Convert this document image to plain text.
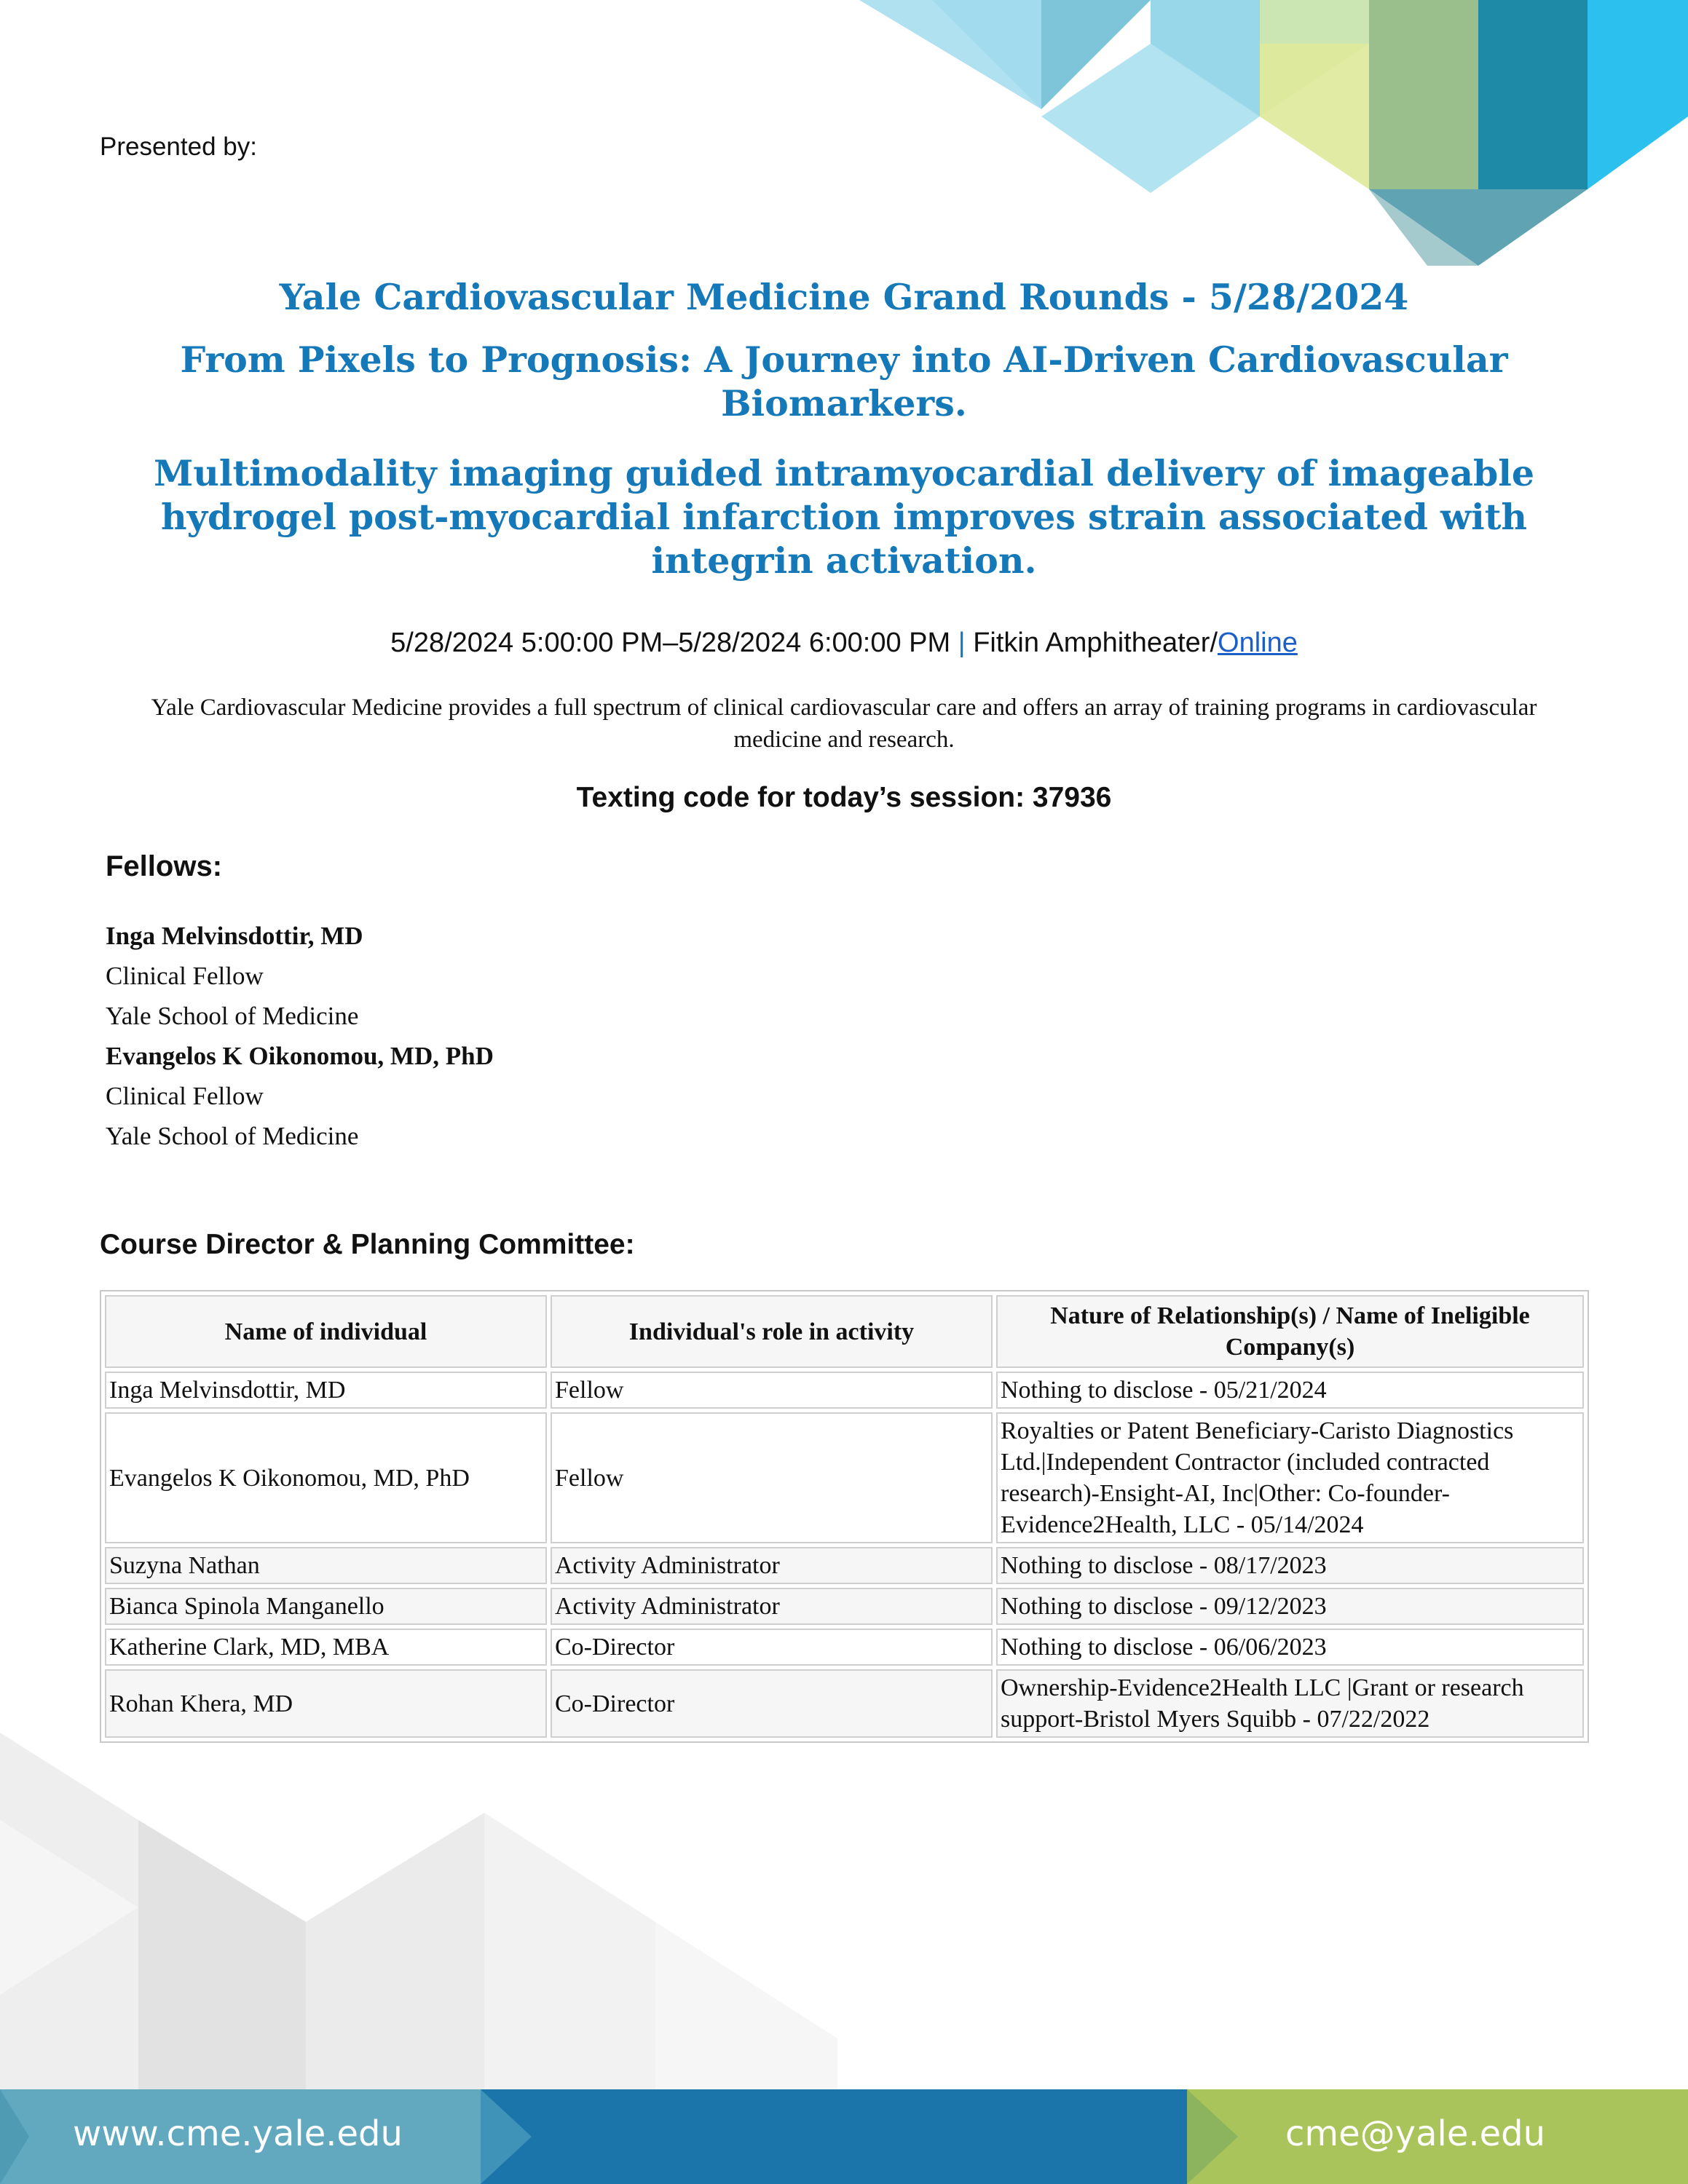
Presented by:

Yale Cardiovascular Medicine Grand Rounds - 5/28/2024

From Pixels to Prognosis: A Journey into AI-Driven Cardiovascular Biomarkers.

Multimodality imaging guided intramyocardial delivery of imageable hydrogel post-myocardial infarction improves strain associated with integrin activation.

5/28/2024 5:00:00 PM–5/28/2024 6:00:00 PM | Fitkin Amphitheater/Online
Yale Cardiovascular Medicine provides a full spectrum of clinical cardiovascular care and offers an array of training programs in cardiovascular medicine and research.
Texting code for today’s session: 37936
Fellows:
Inga Melvinsdottir, MD
Clinical Fellow
Yale School of Medicine
Evangelos K Oikonomou, MD, PhD
Clinical Fellow
Yale School of Medicine
Course Director & Planning Committee:
Name of individual	Individual's role in activity	Nature of Relationship(s) / Name of Ineligible Company(s)
Inga Melvinsdottir, MD	Fellow	Nothing to disclose - 05/21/2024
Evangelos K Oikonomou, MD, PhD	Fellow	Royalties or Patent Beneficiary-Caristo Diagnostics Ltd.|Independent Contractor (included contracted research)-Ensight-AI, Inc|Other: Co-founder-Evidence2Health, LLC - 05/14/2024
Suzyna Nathan	Activity Administrator	Nothing to disclose - 08/17/2023
Bianca Spinola Manganello	Activity Administrator	Nothing to disclose - 09/12/2023
Katherine Clark, MD, MBA	Co-Director	Nothing to disclose - 06/06/2023
Rohan Khera, MD	Co-Director	Ownership-Evidence2Health LLC |Grant or research support-Bristol Myers Squibb - 07/22/2022
www.cme.yale.edu	cme@yale.edu
